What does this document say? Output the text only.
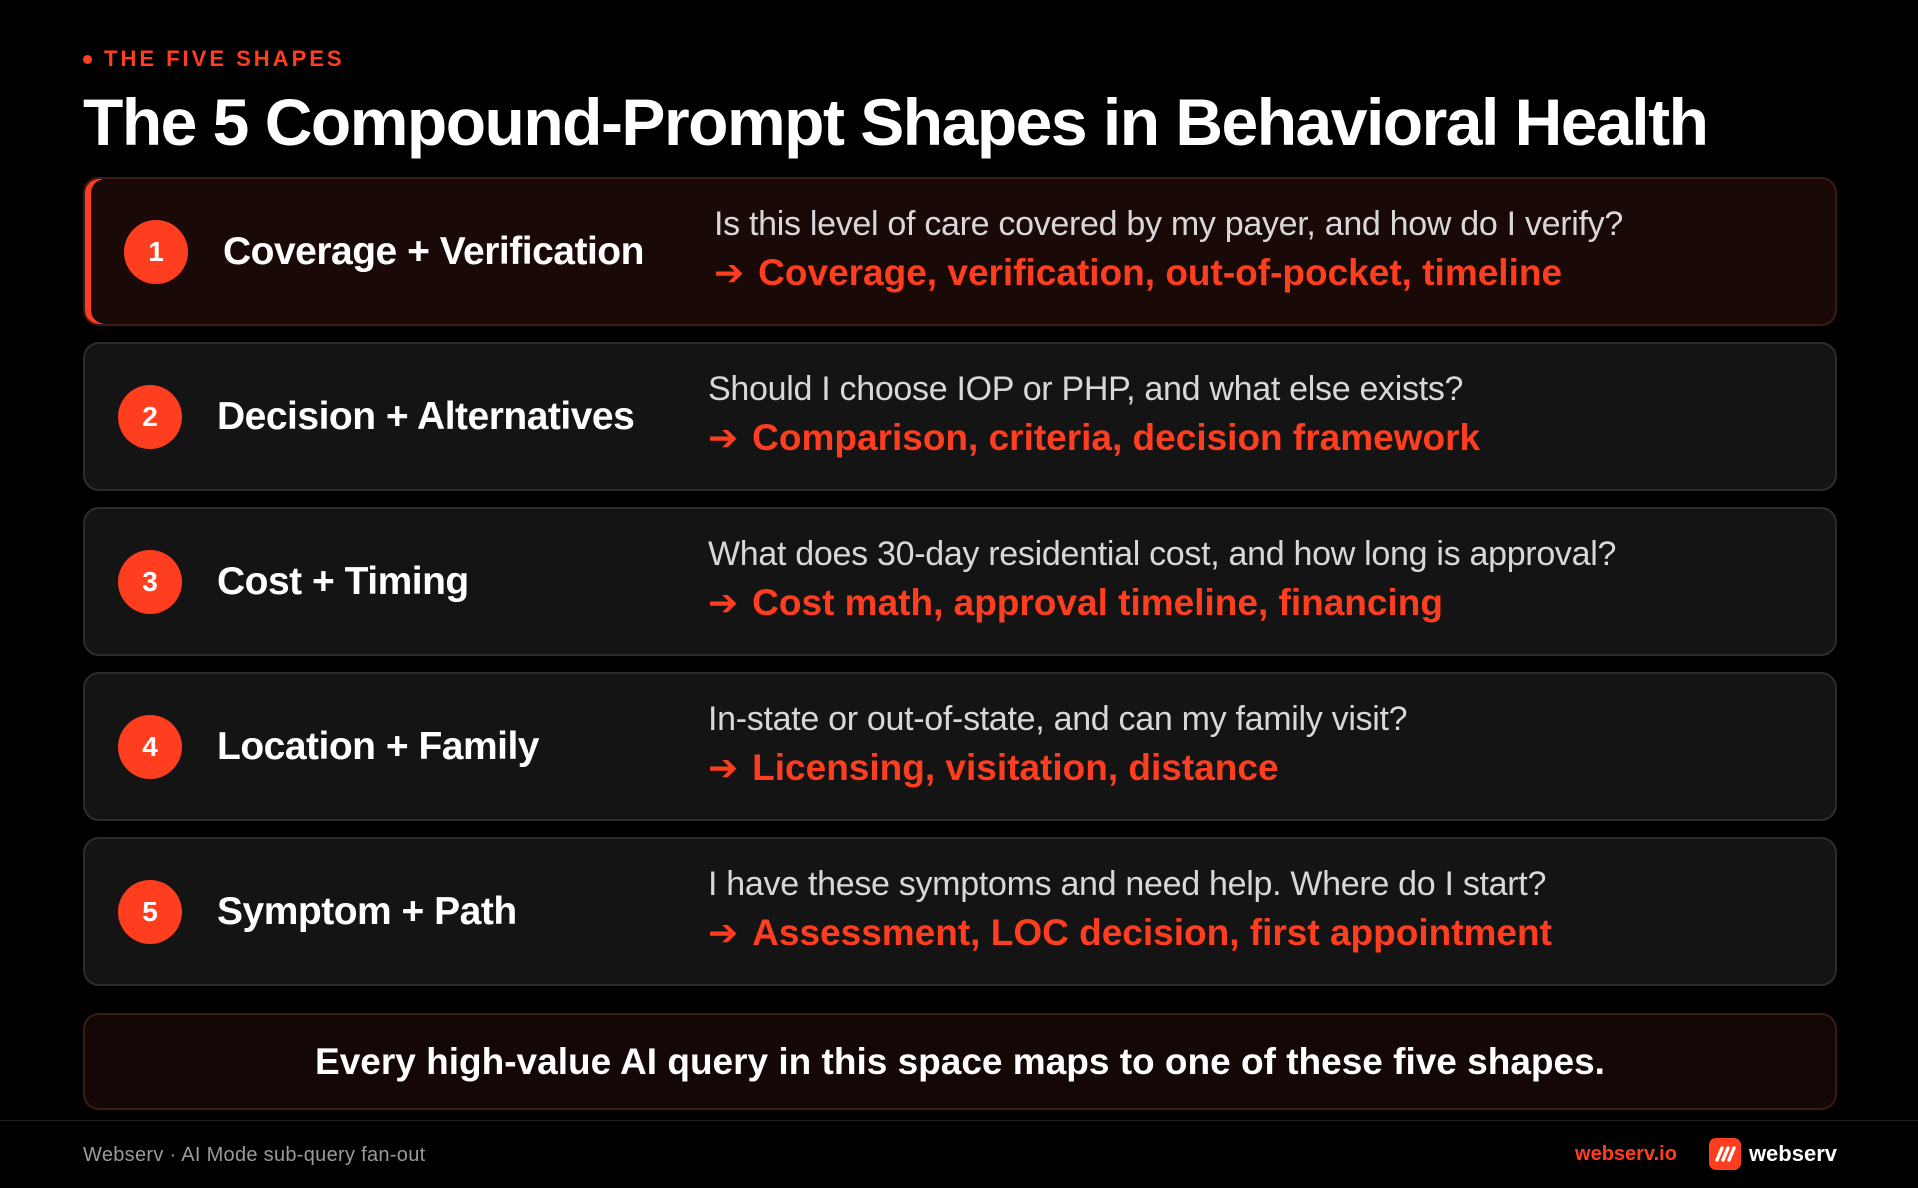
THE FIVE SHAPES
The 5 Compound-Prompt Shapes in Behavioral Health
1	Coverage + Verification
Is this level of care covered by my payer, and how do I verify?
➔ Coverage, verification, out-of-pocket, timeline
2	Decision + Alternatives
Should I choose IOP or PHP, and what else exists?
➔ Comparison, criteria, decision framework
3	Cost + Timing
What does 30-day residential cost, and how long is approval?
➔ Cost math, approval timeline, financing
4	Location + Family
In-state or out-of-state, and can my family visit?
➔ Licensing, visitation, distance
5	Symptom + Path
I have these symptoms and need help. Where do I start?
➔ Assessment, LOC decision, first appointment
Every high-value AI query in this space maps to one of these five shapes.
Webserv · AI Mode sub-query fan-out	webserv.io	webserv
